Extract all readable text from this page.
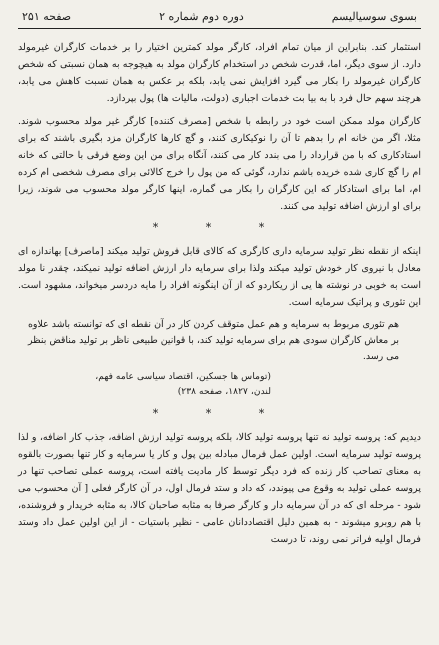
بسوی سوسیالیسم
دوره دوم شماره ۲
صفحه ۲۵۱

استثمار کند. بنابراین از میان تمام افراد، کارگر مولد کمترین اختیار را بر خدمات کارگران غیرمولد دارد. از سوی دیگر، اما، قدرت شخص در استخدام کارگران مولد به هیچوجه به همان نسبتی که شخص کارگران غیرمولد را بکار می گیرد افزایش نمی یابد، بلکه بر عکس به همان نسبت کاهش می یابد، هرچند سهم حال فرد با به بیا بت خدمات اجباری (دولت، مالیات ها) پول بپردازد.

کارگران مولد ممکن است خود در رابطه با شخص [مصرف کننده] کارگر غیر مولد محسوب شوند. مثلا، اگر من خانه ام را بدهم تا آن را نوکیکاری کنند، و گچ کارها کارگران مزد بگیری باشند که برای استادکاری که با من قرارداد را می بندد کار می کنند، آنگاه برای من این وضع فرقی با حالتی که خانه ام را گچ کاری شده خریده باشم ندارد، گوئی که من پول را خرج کالائی برای مصرف شخصی ام کرده ام، اما برای استادکار که این کارگران را بکار می گماره، اینها کارگر مولد محسوب می شوند، زیرا برای او ارزش اضافه تولید می کنند.

* * *

اینکه از نقطه نظر تولید سرمایه داری کارگری که کالای قابل فروش تولید میکند [ماصرف] بهاندازه ای معادل با نیروی کار خودش تولید میکند ولذا برای سرمایه دار ارزش اضافه تولید نمیکند، چقدر نا مولد است به خوبی در نوشته ها یی از ریکاردو که از آن اینگونه افراد را مایه دردسر میخواند، مشهود است. این تئوری و پراتیک سرمایه است.

هم تئوری مربوط به سرمایه و هم عمل متوقف کردن کار در آن نقطه ای که توانسته باشد علاوه بر معاش کارگران سودی هم برای سرمایه تولید کند، با قوانین طبیعی ناظر بر تولید مناقض بنظر می رسد.
(توماس ها جسکین، اقتصاد سیاسی عامه فهم،
لندن، ۱۸۲۷، صفحه ۲۳۸)
* * *

دیدیم که: پروسه تولید نه تنها پروسه تولید کالا، بلکه پروسه تولید ارزش اضافه، جذب کار اضافه، و لذا پروسه تولید سرمایه است. اولین عمل فرمال مبادله بین پول و کار یا سرمایه و کار تنها بصورت بالقوه به معنای تصاحب کار زنده که فرد دیگر توسط کار مادیت یافته است، پروسه عملی تصاحب تنها در پروسه عملی تولید به وقوع می پیوندد، که داد و ستد فرمال اول، در آن کارگر فعلی [ آن محسوب می شود - مرحله ای که در آن سرمایه دار و کارگر صرفا به مثابه صاحبان کالا، به مثابه خریدار و فروشنده، با هم روبرو میشوند - به همین دلیل اقتصاددانان عامی - نظیر باستیات - از این اولین عمل داد وستد فرمال اولیه فراتر نمی روند، تا درست
